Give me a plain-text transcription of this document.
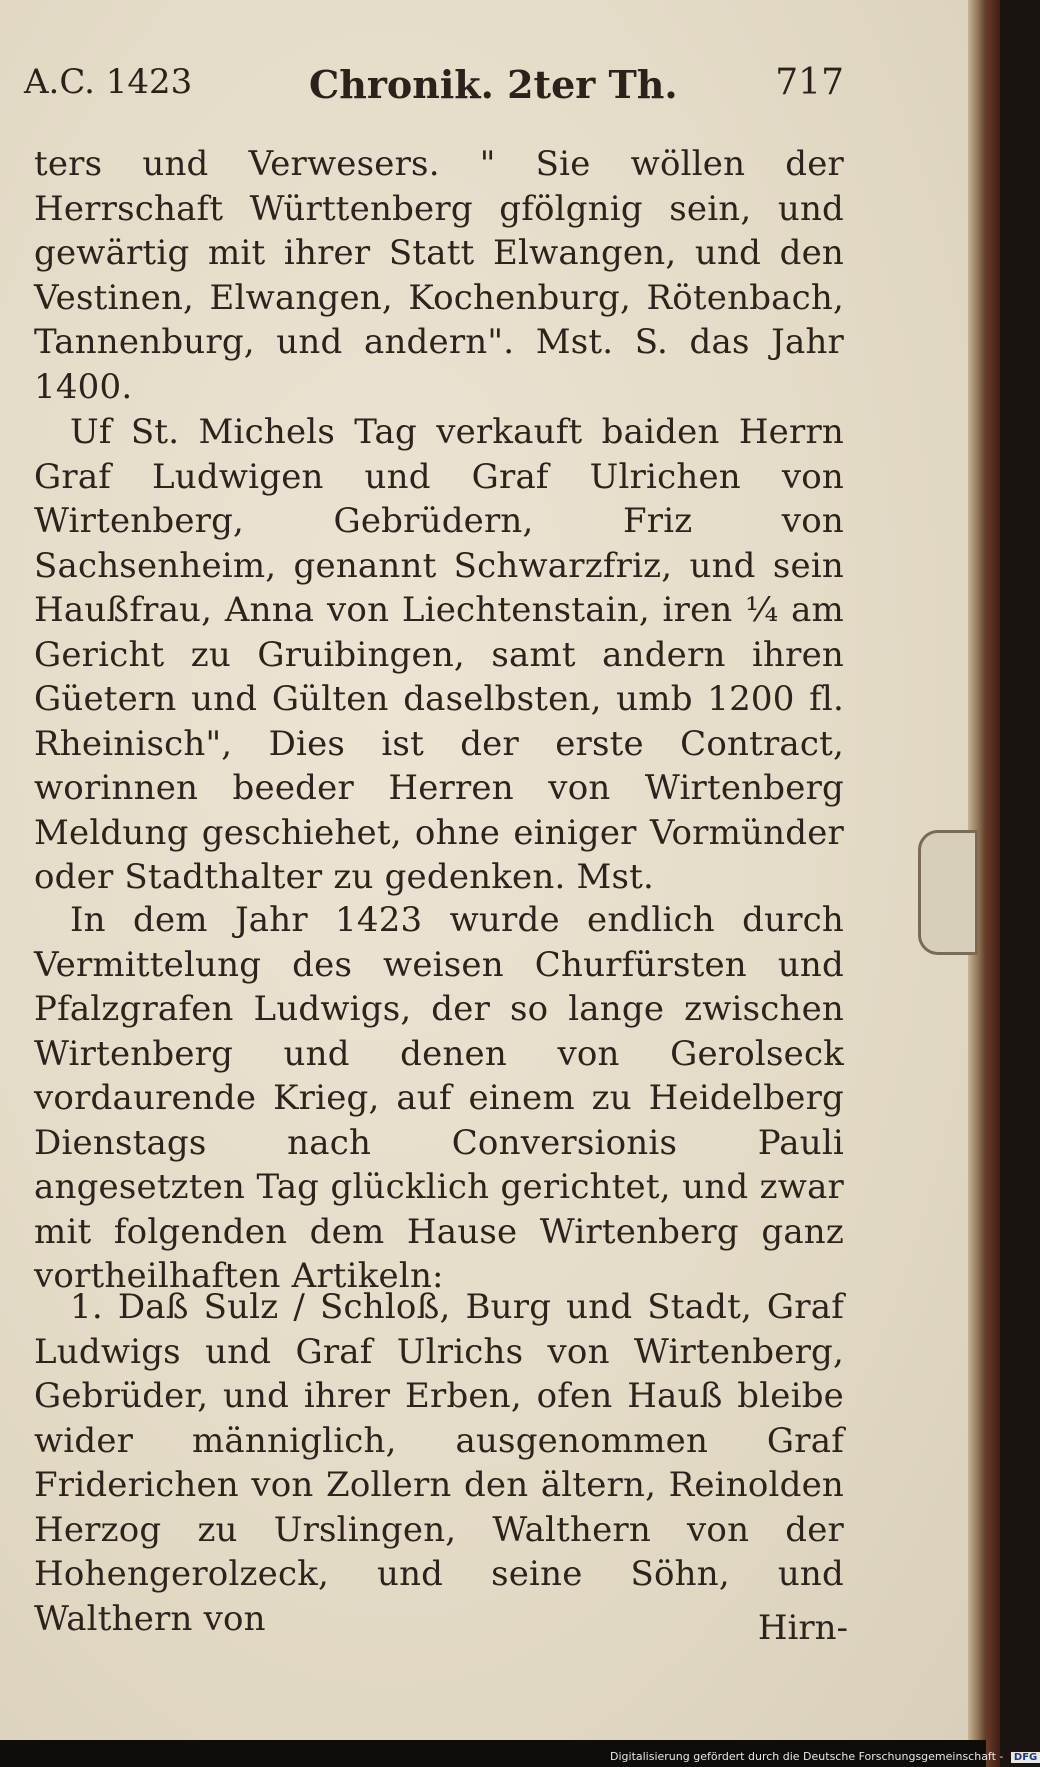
A.C. 1423	Chronik. 2ter Th.	717
ters und Verwesers. " Sie wöllen der Herrschaft Württenberg gfölgnig sein, und gewärtig mit ihrer Statt Elwangen, und den Vestinen, Elwangen, Kochenburg, Rötenbach, Tannenburg, und andern". Mst. S. das Jahr 1400.
Uf St. Michels Tag verkauft baiden Herrn Graf Ludwigen und Graf Ulrichen von Wirtenberg, Gebrüdern, Friz von Sachsenheim, genannt Schwarzfriz, und sein Haußfrau, Anna von Liechtenstain, iren ¼ am Gericht zu Gruibingen, samt andern ihren Güetern und Gülten daselbsten, umb 1200 fl. Rheinisch", Dies ist der erste Contract, worinnen beeder Herren von Wirtenberg Meldung geschiehet, ohne einiger Vormünder oder Stadthalter zu gedenken. Mst.
In dem Jahr 1423 wurde endlich durch Vermittelung des weisen Churfürsten und Pfalzgrafen Ludwigs, der so lange zwischen Wirtenberg und denen von Gerolseck vordaurende Krieg, auf einem zu Heidelberg Dienstags nach Conversionis Pauli angesetzten Tag glücklich gerichtet, und zwar mit folgenden dem Hause Wirtenberg ganz vortheilhaften Artikeln:
1. Daß Sulz / Schloß, Burg und Stadt, Graf Ludwigs und Graf Ulrichs von Wirtenberg, Gebrüder, und ihrer Erben, ofen Hauß bleibe wider männiglich, ausgenommen Graf Friderichen von Zollern den ältern, Reinolden Herzog zu Urslingen, Walthern von der Hohengerolzeck, und seine Söhn, und Walthern von	Hirn-
Digitalisierung gefördert durch die Deutsche Forschungsgemeinschaft - DFG
